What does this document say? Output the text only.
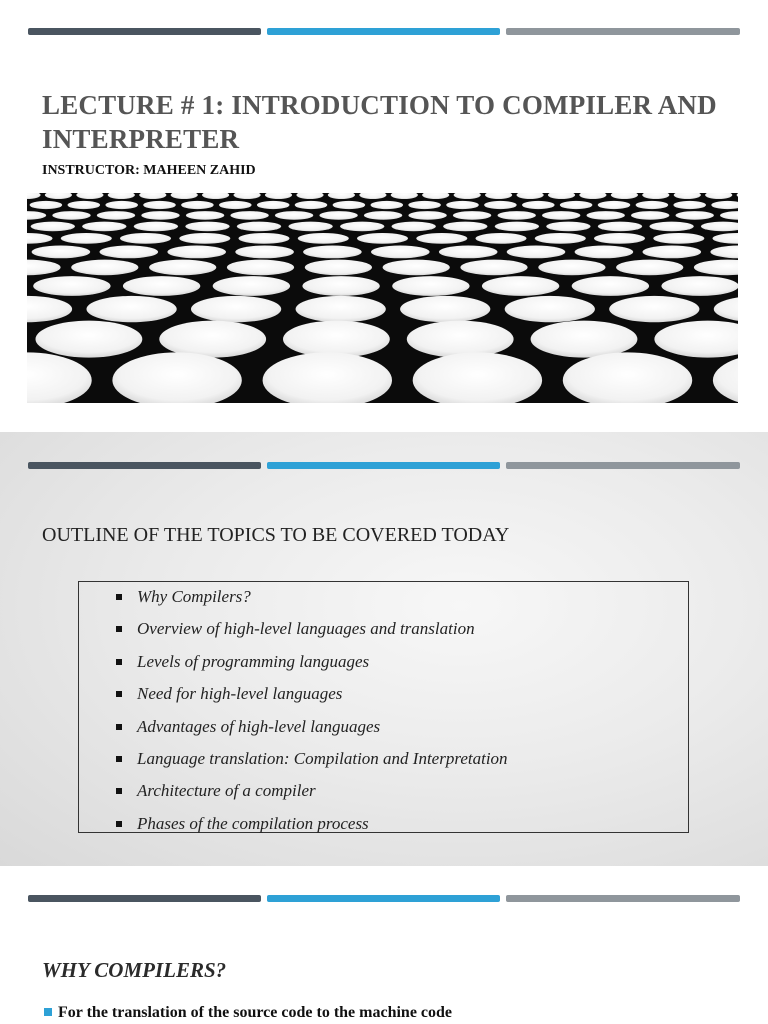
LECTURE # 1: INTRODUCTION TO COMPILER AND INTERPRETER

INSTRUCTOR: MAHEEN ZAHID

OUTLINE OF THE TOPICS TO BE COVERED TODAY
Why Compilers?
Overview of high-level languages and translation
Levels of programming languages
Need for high-level languages
Advantages of high-level languages
Language translation: Compilation and Interpretation
Architecture of a compiler
Phases of the compilation process
WHY COMPILERS?
For the translation of the source code to the machine code
